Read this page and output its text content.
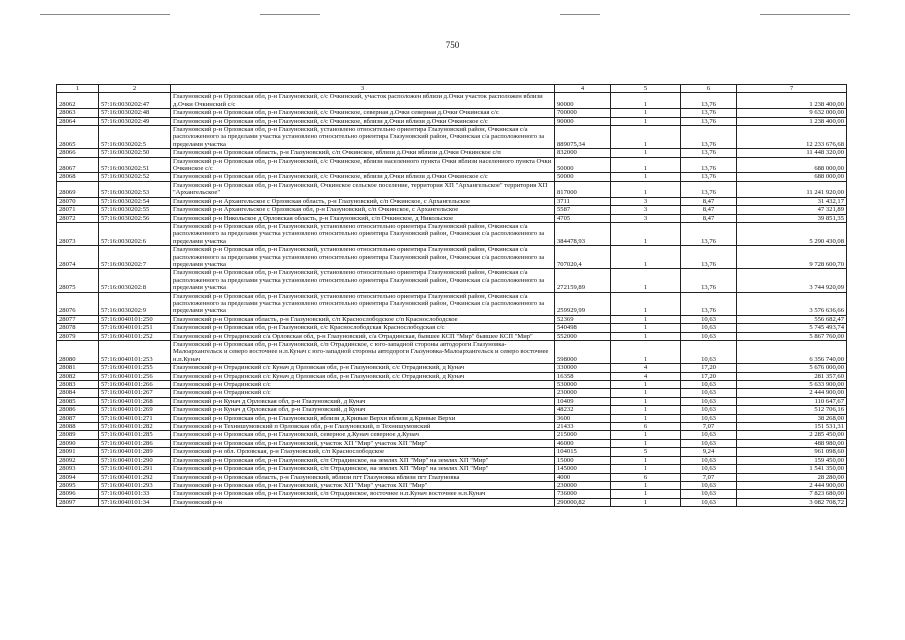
750
1	2	3	4	5	6	7
28062	57:16:0030202:47	Глазуновский р-н Орловская обл, р-н Глазуновский, с/с Очкинский, участок расположен вблизи д.Очки участок расположен вблизи д.Очки Очкинский с/с	90000	1	13,76	1 238 400,00
28063	57:16:0030202:48	Глазуновский р-н Орловская обл, р-н Глазуновский, с/с Очкинское, северная д.Очки северная д.Очки Очкинская с/с	700000	1	13,76	9 632 000,00
28064	57:16:0030202:49	Глазуновский р-н Орловская обл, р-н Глазуновский, с/с Очкинское, вблизи д.Очки вблизи д.Очки Очкинское с/с	90000	1	13,76	1 238 400,00
28065	57:16:0030202:5	Глазуновский р-н Орловская обл, р-н Глазуновский, установлено относительно ориентира Глазуновский район, Очкинская с/а расположенного за пределами участка установлено относительно ориентира Глазуновский район, Очкинская с/а расположенного за пределами участка	889075,34	1	13,76	12 233 676,68
28066	57:16:0030202:50	Глазуновский р-н Орловская область, р-н Глазуновский, с/п Очкинское, вблизи д.Очки вблизи д.Очки Очкинское с/п	832000	1	13,76	11 448 320,00
28067	57:16:0030202:51	Глазуновский р-н Орловская обл, р-н Глазуновский, с/с Очкинское, вблизи населенного пункта Очки вблизи населенного пункта Очки Очкинское с/с	50000	1	13,76	688 000,00
28068	57:16:0030202:52	Глазуновский р-н Орловская обл, р-н Глазуновский, с/с Очкинское, вблизи д.Очки вблизи д.Очки Очкинское с/с	50000	1	13,76	688 000,00
28069	57:16:0030202:53	Глазуновский р-н Орловская обл, р-н Глазуновский, Очкинское сельское поселение, территория ХП "Архангельское" территория ХП "Архангельское"	817000	1	13,76	11 241 920,00
28070	57:16:0030202:54	Глазуновский р-н Архангельское с Орловская область, р-н Глазуновский, с/п Очкинское, с Архангельское	3711	3	8,47	31 432,17
28071	57:16:0030202:55	Глазуновский р-н Архангельское с Орловская обл, р-н Глазуновский, с/п Очкинское, с Архангельское	5587	3	8,47	47 321,89
28072	57:16:0030202:56	Глазуновский р-н Никольское д Орловская область, р-н Глазуновский, с/п Очкинское, д Никольское	4705	3	8,47	39 851,35
28073	57:16:0030202:6	Глазуновский р-н Орловская обл, р-н Глазуновский, установлено относительно ориентира Глазуновский район, Очкинская с/а расположенного за пределами участка установлено относительно ориентира Глазуновский район, Очкинская с/а расположенного за пределами участка	384478,93	1	13,76	5 290 430,08
28074	57:16:0030202:7	Глазуновский р-н Орловская обл, р-н Глазуновский, установлено относительно ориентира Глазуновский район, Очкинская с/а расположенного за пределами участка установлено относительно ориентира Глазуновский район, Очкинская с/а расположенного за пределами участка	707020,4	1	13,76	9 728 600,70
28075	57:16:0030202:8	Глазуновский р-н Орловская обл, р-н Глазуновский, установлено относительно ориентира Глазуновский район, Очкинская с/а расположенного за пределами участка установлено относительно ориентира Глазуновский район, Очкинская с/а расположенного за пределами участка	272159,89	1	13,76	3 744 920,09
28076	57:16:0030202:9	Глазуновский р-н Орловская обл, р-н Глазуновский, установлено относительно ориентира Глазуновский район, Очкинская с/а расположенного за пределами участка установлено относительно ориентира Глазуновский район, Очкинская с/а расположенного за пределами участка	259929,99	1	13,76	3 576 636,66
28077	57:16:0040101:250	Глазуновский р-н Орловская область, р-н Глазуновский, с/п Краснослободское с/п Краснослободское	52369	1	10,63	556 682,47
28078	57:16:0040101:251	Глазуновский р-н Орловская обл, р-н Глазуновский, с/с Краснослободская Краснослободская с/с	540498	1	10,63	5 745 493,74
28079	57:16:0040101:252	Глазуновский р-н Отрадинский с/а Орловская обл, р-н Глазуновский, с/а Отрадинская, бывшее КСП "Мир" бывшее КСП "Мир"	552000	1	10,63	5 867 760,00
28080	57:16:0040101:253	Глазуновский р-н Орловская обл, р-н Глазуновский, с/п Отрадинское, с юго-западной стороны автодороги Глазуновка-Малоархангельск и северо восточнее н.п.Кунач с юго-западной стороны автодороги Глазуновка-Малоархангельск и северо восточнее н.п.Кунач	598000	1	10,63	6 356 740,00
28081	57:16:0040101:255	Глазуновский р-н Отрадинский с/с Кунач д Орловская обл, р-н Глазуновский, с/с Отрадинский, д Кунач	330000	4	17,20	5 676 000,00
28082	57:16:0040101:256	Глазуновский р-н Отрадинский с/с Кунач д Орловская обл, р-н Глазуновский, с/с Отрадинский, д Кунач	16358	4	17,20	281 357,60
28083	57:16:0040101:266	Глазуновский р-н Отрадинский с/с	530000	1	10,63	5 633 900,00
28084	57:16:0040101:267	Глазуновский р-н Отрадинский с/с	230000	1	10,63	2 444 900,00
28085	57:16:0040101:268	Глазуновский р-н Кунач д Орловская обл, р-н Глазуновский, д Кунач	10409	1	10,63	110 647,67
28086	57:16:0040101:269	Глазуновский р-н Кунач д Орловская обл, р-н Глазуновский, д Кунач	48232	1	10,63	512 706,16
28087	57:16:0040101:271	Глазуновский р-н Орловская обл, р-н Глазуновский, вблизи д.Кривые Верхи вблизи д.Кривые Верхи	3600	1	10,63	38 268,00
28088	57:16:0040101:282	Глазуновский р-н Технишумовский п Орловская обл, р-н Глазуновский, п Технишумовский	21433	6	7,07	151 531,31
28089	57:16:0040101:285	Глазуновский р-н Орловская обл, р-н Глазуновский, северное д.Кунач северное д.Кунач	215000	1	10,63	2 285 450,00
28090	57:16:0040101:286	Глазуновский р-н Орловская обл, р-н Глазуновский, участок ХП "Мир" участок ХП "Мир"	46000	1	10,63	488 980,00
28091	57:16:0040101:289	Глазуновский р-н обл. Орловская, р-н Глазуновский, с/п Краснослободское	104015	5	9,24	961 098,60
28092	57:16:0040101:290	Глазуновский р-н Орловская обл, р-н Глазуновский, с/п Отрадинское, на землях ХП "Мир" на землях ХП "Мир"	15000	1	10,63	159 450,00
28093	57:16:0040101:291	Глазуновский р-н Орловская обл, р-н Глазуновский, с/п Отрадинское, на землях ХП "Мир" на землях ХП "Мир"	145000	1	10,63	1 541 350,00
28094	57:16:0040101:292	Глазуновский р-н Орловская область, р-н Глазуновский, вблизи пгт Глазуновка вблизи пгт Глазуновка	4000	6	7,07	28 280,00
28095	57:16:0040101:293	Глазуновский р-н Орловская обл, р-н Глазуновский, участок ХП "Мир" участок ХП "Мир"	230000	1	10,63	2 444 900,00
28096	57:16:0040101:33	Глазуновский р-н Орловская обл, р-н Глазуновский, с/п Отрадинское, восточнее н.п.Кунач восточнее н.п.Кунач	736000	1	10,63	7 823 680,00
28097	57:16:0040101:34	Глазуновский р-н	290000,82	1	10,63	3 082 708,72
